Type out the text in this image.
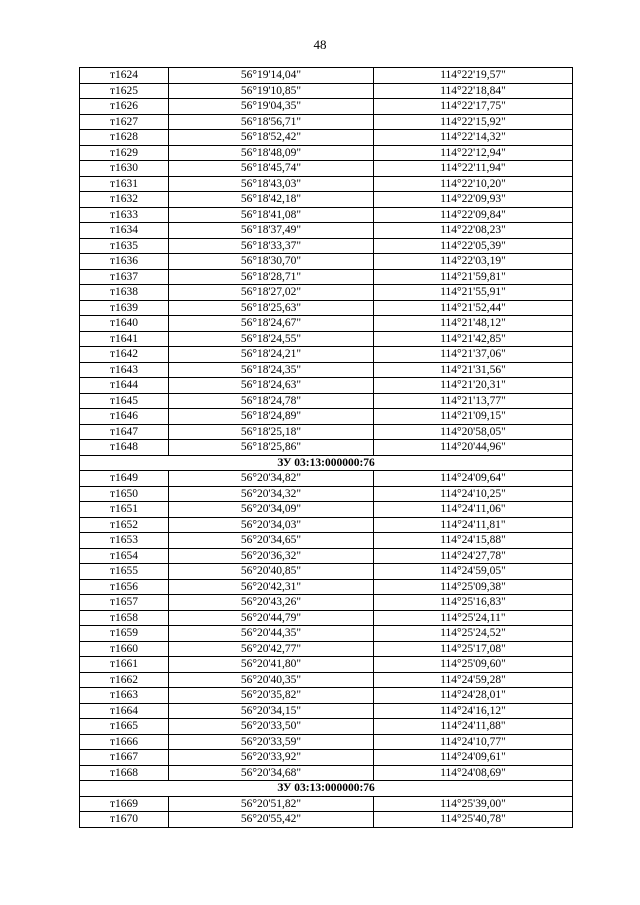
48
т1624	56°19'14,04"	114°22'19,57"
т1625	56°19'10,85"	114°22'18,84"
т1626	56°19'04,35"	114°22'17,75"
т1627	56°18'56,71"	114°22'15,92"
т1628	56°18'52,42"	114°22'14,32"
т1629	56°18'48,09"	114°22'12,94"
т1630	56°18'45,74"	114°22'11,94"
т1631	56°18'43,03"	114°22'10,20"
т1632	56°18'42,18"	114°22'09,93"
т1633	56°18'41,08"	114°22'09,84"
т1634	56°18'37,49"	114°22'08,23"
т1635	56°18'33,37"	114°22'05,39"
т1636	56°18'30,70"	114°22'03,19"
т1637	56°18'28,71"	114°21'59,81"
т1638	56°18'27,02"	114°21'55,91"
т1639	56°18'25,63"	114°21'52,44"
т1640	56°18'24,67"	114°21'48,12"
т1641	56°18'24,55"	114°21'42,85"
т1642	56°18'24,21"	114°21'37,06"
т1643	56°18'24,35"	114°21'31,56"
т1644	56°18'24,63"	114°21'20,31"
т1645	56°18'24,78"	114°21'13,77"
т1646	56°18'24,89"	114°21'09,15"
т1647	56°18'25,18"	114°20'58,05"
т1648	56°18'25,86"	114°20'44,96"
ЗУ 03:13:000000:76		
т1649	56°20'34,82"	114°24'09,64"
т1650	56°20'34,32"	114°24'10,25"
т1651	56°20'34,09"	114°24'11,06"
т1652	56°20'34,03"	114°24'11,81"
т1653	56°20'34,65"	114°24'15,88"
т1654	56°20'36,32"	114°24'27,78"
т1655	56°20'40,85"	114°24'59,05"
т1656	56°20'42,31"	114°25'09,38"
т1657	56°20'43,26"	114°25'16,83"
т1658	56°20'44,79"	114°25'24,11"
т1659	56°20'44,35"	114°25'24,52"
т1660	56°20'42,77"	114°25'17,08"
т1661	56°20'41,80"	114°25'09,60"
т1662	56°20'40,35"	114°24'59,28"
т1663	56°20'35,82"	114°24'28,01"
т1664	56°20'34,15"	114°24'16,12"
т1665	56°20'33,50"	114°24'11,88"
т1666	56°20'33,59"	114°24'10,77"
т1667	56°20'33,92"	114°24'09,61"
т1668	56°20'34,68"	114°24'08,69"
ЗУ 03:13:000000:76		
т1669	56°20'51,82"	114°25'39,00"
т1670	56°20'55,42"	114°25'40,78"
